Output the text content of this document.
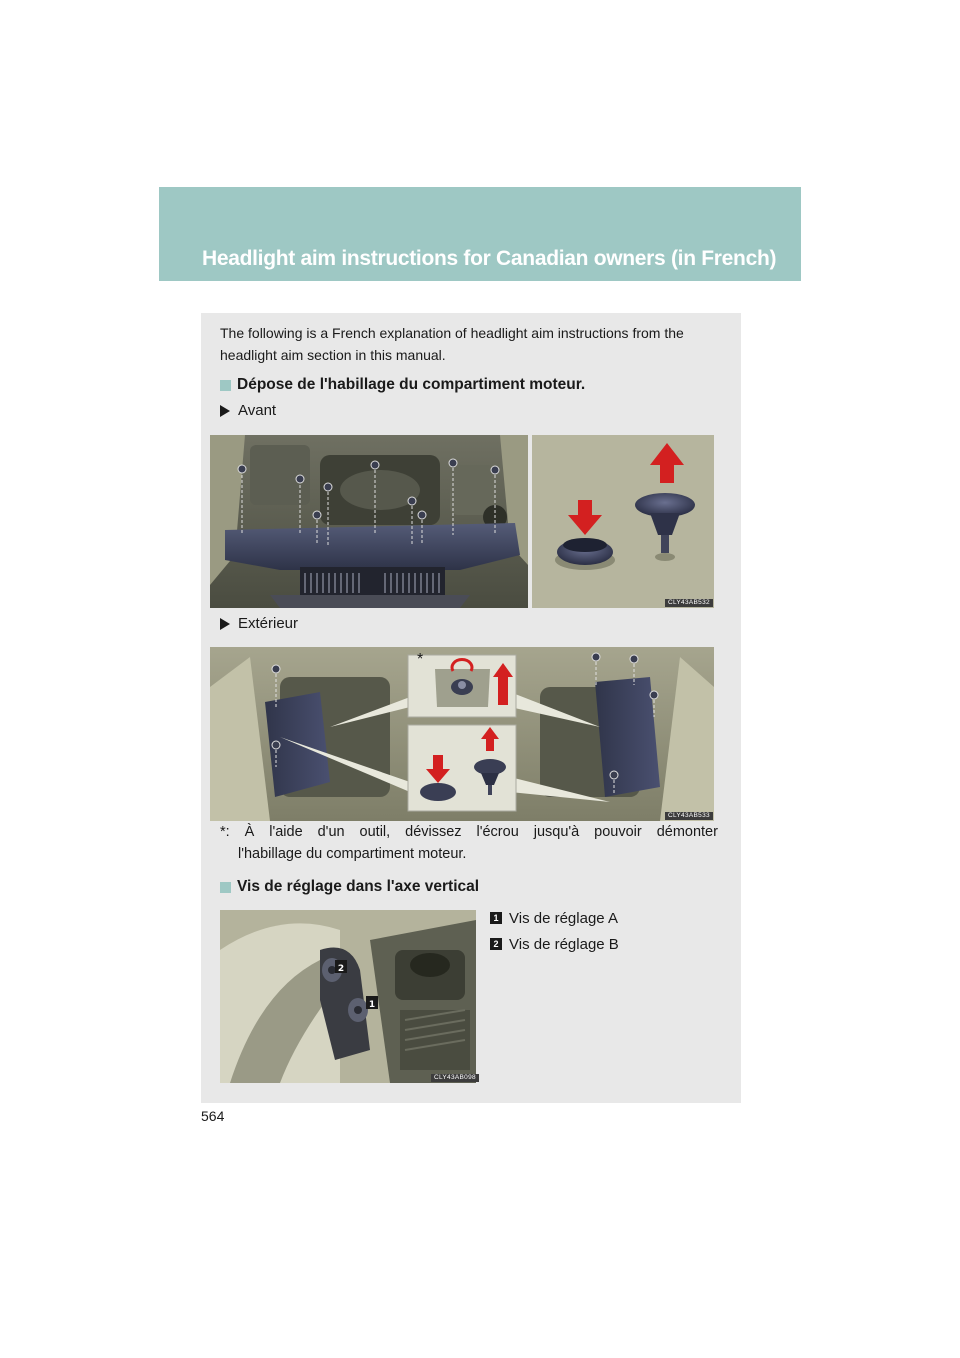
Headlight aim instructions for Canadian owners (in French)
The following is a French explanation of headlight aim instructions from the headlight aim section in this manual.
Dépose de l'habillage du compartiment moteur.
Avant
CLY43AB532
Extérieur
*
CLY43AB533
*: À l'aide d'un outil, dévissez l'écrou jusqu'à pouvoir démonter
l'habillage du compartiment moteur.
Vis de réglage dans l'axe vertical
2
1
CLY43AB098
1 Vis de réglage A
2 Vis de réglage B
564
